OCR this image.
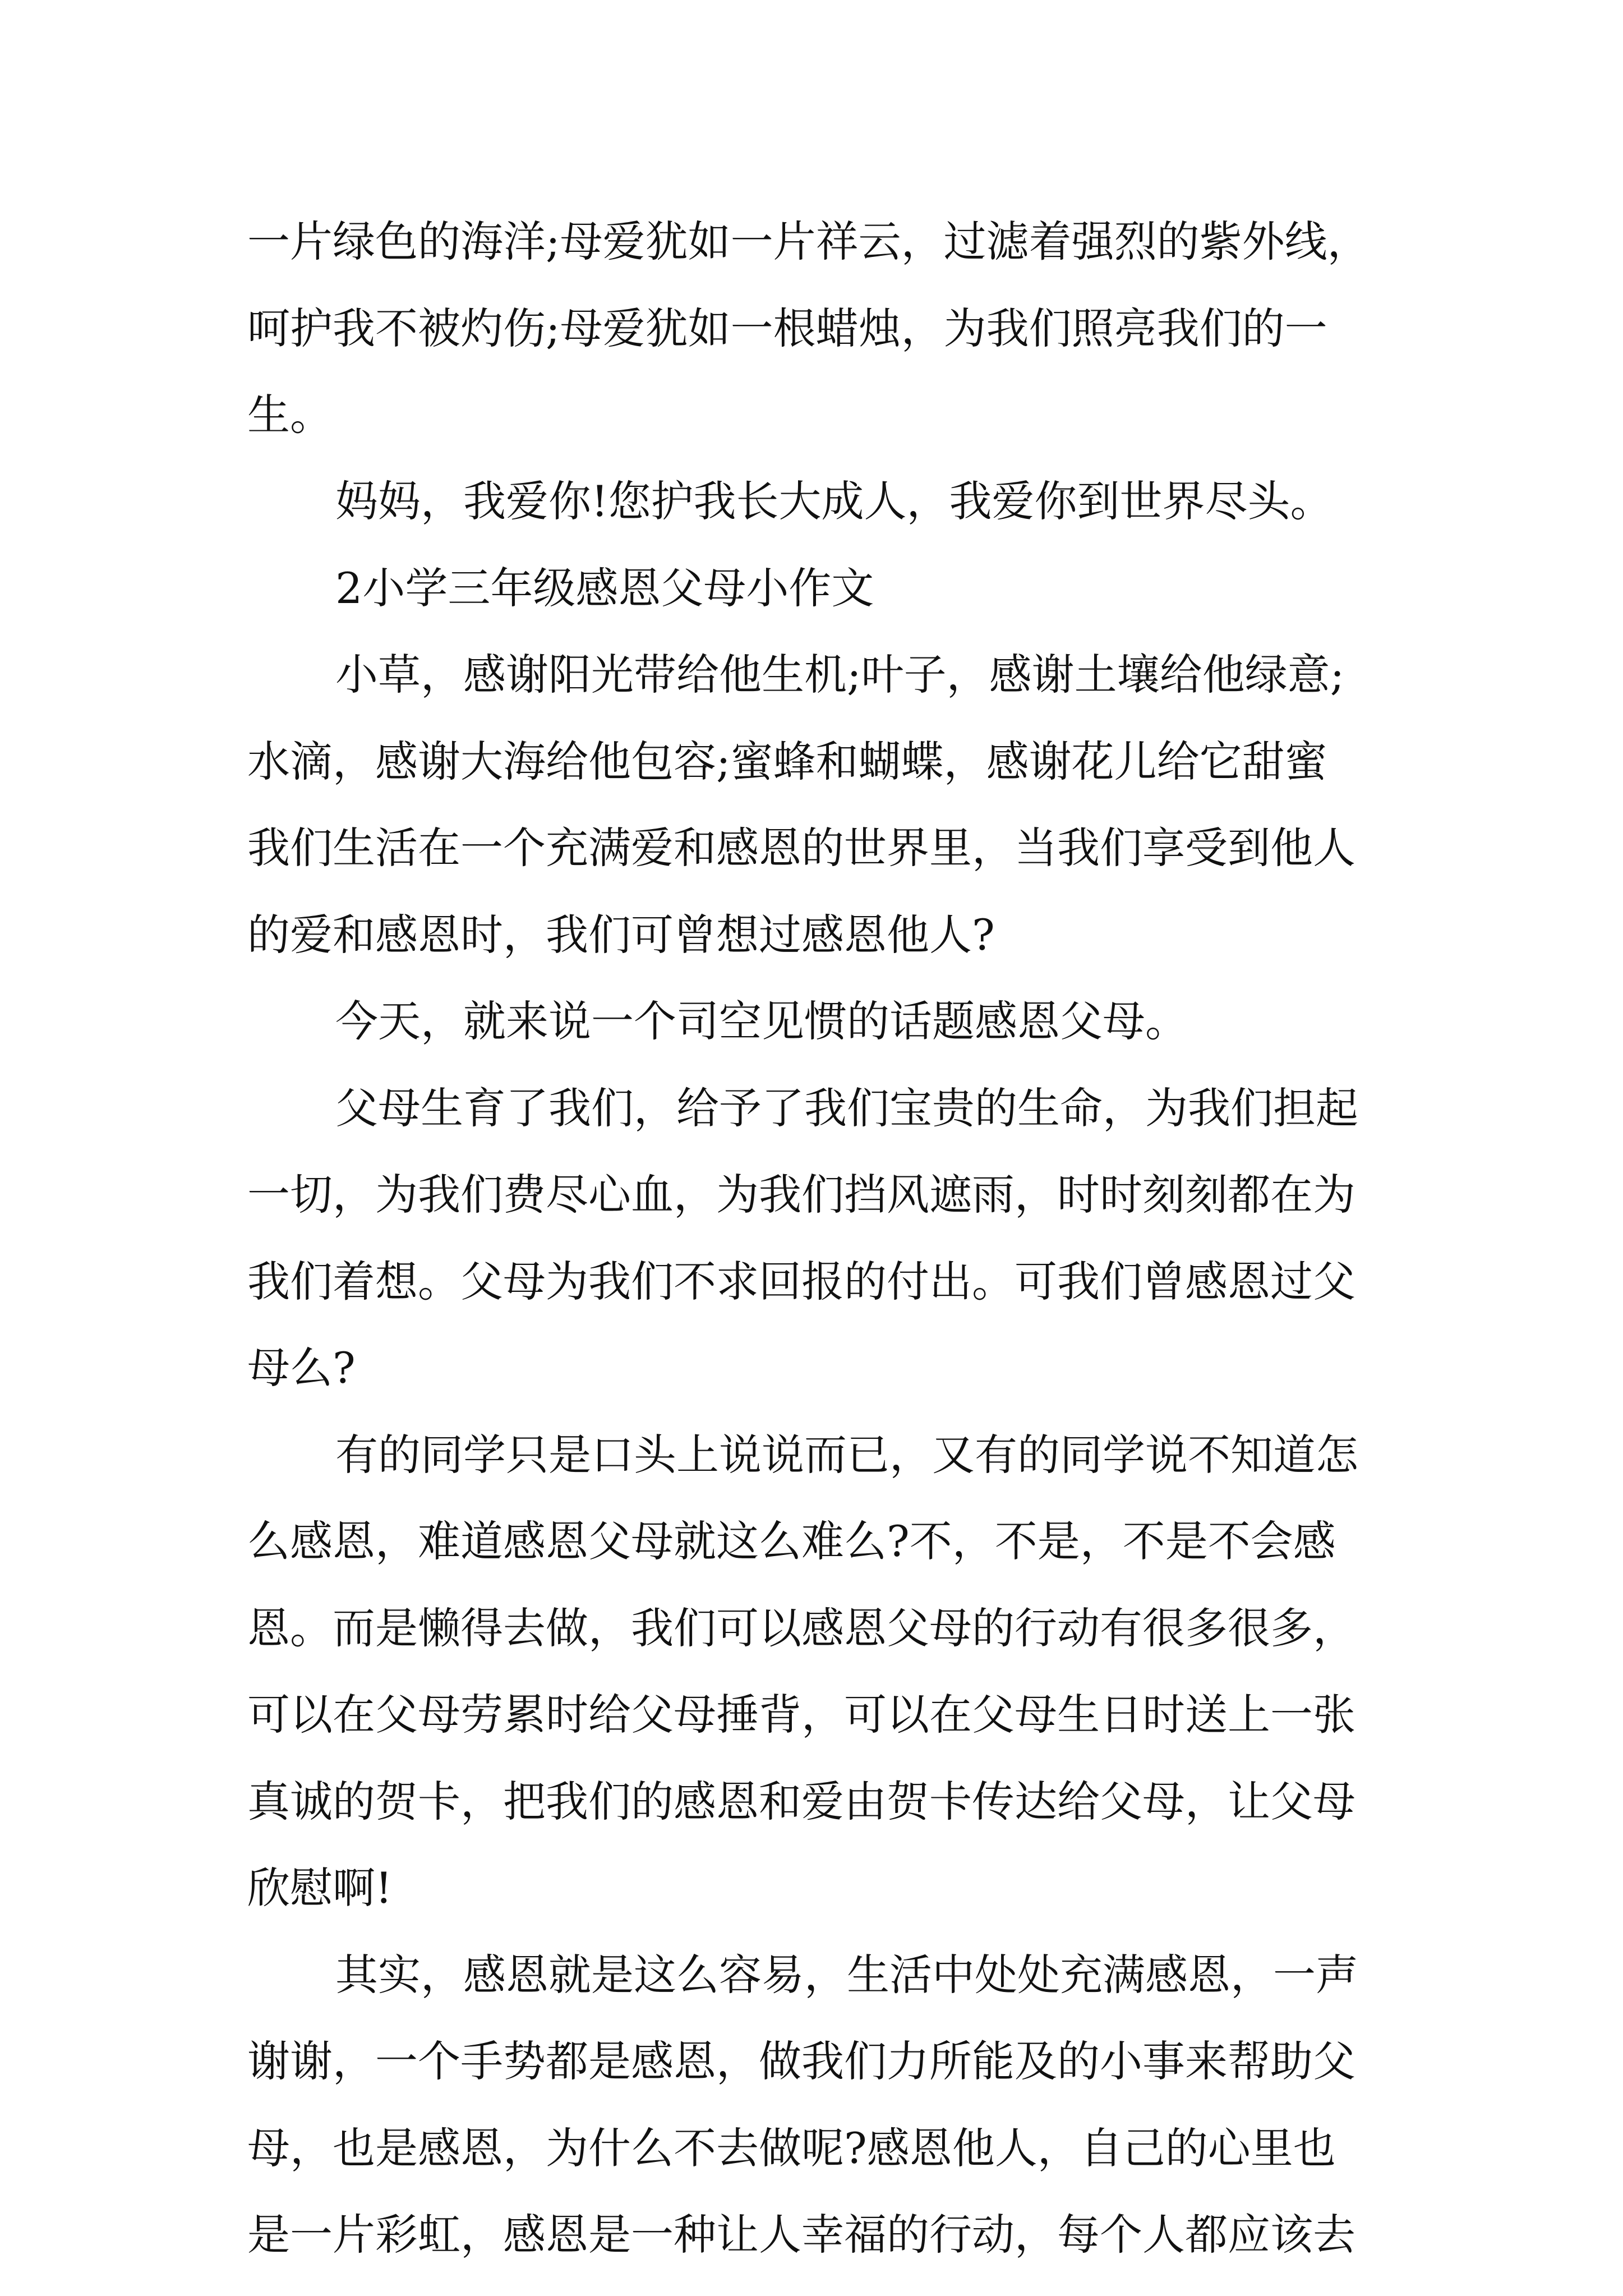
一片绿色的海洋;母爱犹如一片祥云，过滤着强烈的紫外线，
呵护我不被灼伤;母爱犹如一根蜡烛，为我们照亮我们的一
生。
妈妈，我爱你!您护我长大成人，我爱你到世界尽头。
2小学三年级感恩父母小作文
小草，感谢阳光带给他生机;叶子，感谢土壤给他绿意;
水滴，感谢大海给他包容;蜜蜂和蝴蝶，感谢花儿给它甜蜜
我们生活在一个充满爱和感恩的世界里，当我们享受到他人
的爱和感恩时，我们可曾想过感恩他人?
今天，就来说一个司空见惯的话题感恩父母。
父母生育了我们，给予了我们宝贵的生命，为我们担起
一切，为我们费尽心血，为我们挡风遮雨，时时刻刻都在为
我们着想。父母为我们不求回报的付出。可我们曾感恩过父
母么?
有的同学只是口头上说说而已，又有的同学说不知道怎
么感恩，难道感恩父母就这么难么?不，不是，不是不会感
恩。而是懒得去做，我们可以感恩父母的行动有很多很多，
可以在父母劳累时给父母捶背，可以在父母生日时送上一张
真诚的贺卡，把我们的感恩和爱由贺卡传达给父母，让父母
欣慰啊!
其实，感恩就是这么容易，生活中处处充满感恩，一声
谢谢，一个手势都是感恩，做我们力所能及的小事来帮助父
母，也是感恩，为什么不去做呢?感恩他人，自己的心里也
是一片彩虹，感恩是一种让人幸福的行动，每个人都应该去
